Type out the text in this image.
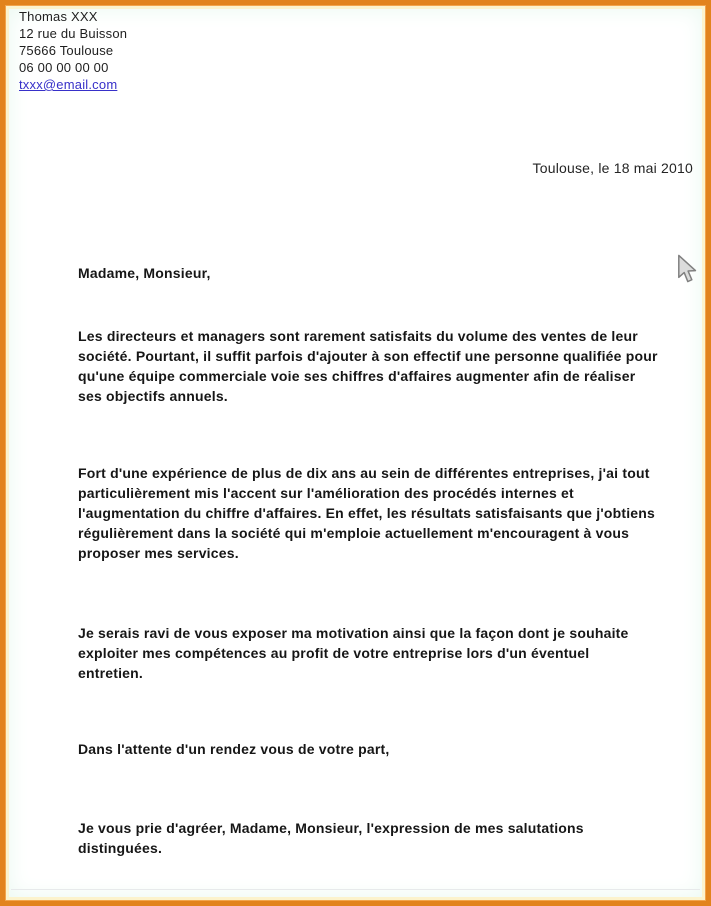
Thomas XXX
12 rue du Buisson
75666 Toulouse
06 00 00 00 00
txxx@email.com
Toulouse, le 18 mai 2010
Madame, Monsieur,
Les directeurs et managers sont rarement satisfaits du volume des ventes de leur société. Pourtant, il suffit parfois d'ajouter à son effectif une personne qualifiée pour qu'une équipe commerciale voie ses chiffres d'affaires augmenter afin de réaliser ses objectifs annuels.
Fort d'une expérience de plus de dix ans au sein de différentes entreprises, j'ai tout particulièrement mis l'accent sur l'amélioration des procédés internes et l'augmentation du chiffre d'affaires. En effet, les résultats satisfaisants que j'obtiens régulièrement dans la société qui m'emploie actuellement m'encouragent à vous proposer mes services.
Je serais ravi de vous exposer ma motivation ainsi que la façon dont je souhaite exploiter mes compétences au profit de votre entreprise lors d'un éventuel entretien.
Dans l'attente d'un rendez vous de votre part,
Je vous prie d'agréer, Madame, Monsieur, l'expression de mes salutations distinguées.
